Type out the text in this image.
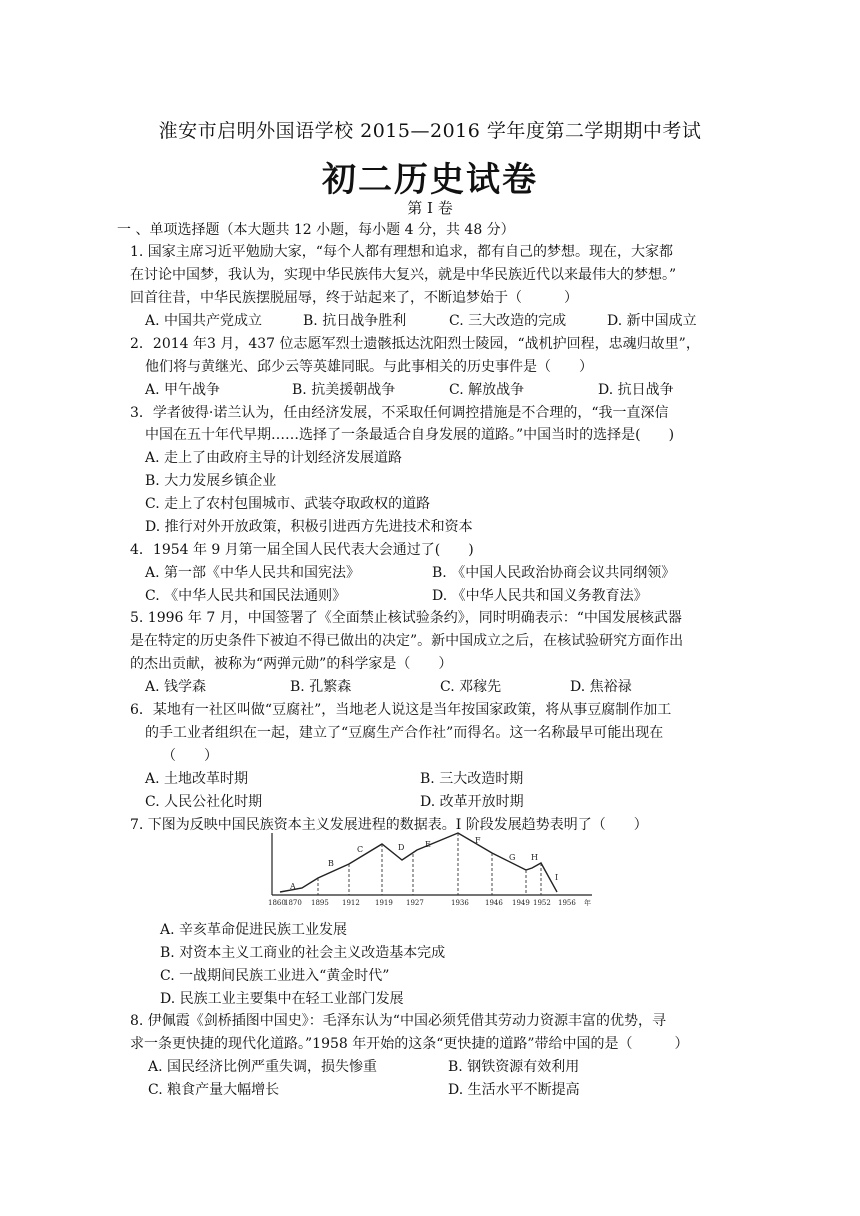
淮安市启明外国语学校 2015—2016 学年度第二学期期中考试
初二历史试卷
第 I 卷
一 、单项选择题（本大题共 12 小题，每小题 4 分，共 48 分）
1. 国家主席习近平勉励大家，“每个人都有理想和追求，都有自己的梦想。现在，大家都
在讨论中国梦，我认为，实现中华民族伟大复兴，就是中华民族近代以来最伟大的梦想。”
回首往昔，中华民族摆脱屈辱，终于站起来了，不断追梦始于（　　　）
A. 中国共产党成立	B. 抗日战争胜利	C. 三大改造的完成	D. 新中国成立
2．2014 年3 月，437 位志愿军烈士遗骸抵达沈阳烈士陵园，“战机护回程，忠魂归故里”，
他们将与黄继光、邱少云等英雄同眠。与此事相关的历史事件是（　　）
A. 甲午战争	B. 抗美援朝战争	C. 解放战争	D. 抗日战争
3．学者彼得·诺兰认为，任由经济发展，不采取任何调控措施是不合理的，“我一直深信
中国在五十年代早期……选择了一条最适合自身发展的道路。”中国当时的选择是(　　)
A. 走上了由政府主导的计划经济发展道路
B. 大力发展乡镇企业
C. 走上了农村包围城市、武装夺取政权的道路
D. 推行对外开放政策，积极引进西方先进技术和资本
4．1954 年 9 月第一届全国人民代表大会通过了(　　)
A. 第一部《中华人民共和国宪法》	B. 《中国人民政治协商会议共同纲领》
C. 《中华人民共和国民法通则》	D. 《中华人民共和国义务教育法》
5. 1996 年 7 月，中国签署了《全面禁止核试验条约》，同时明确表示：“中国发展核武器
是在特定的历史条件下被迫不得已做出的决定”。新中国成立之后，在核试验研究方面作出
的杰出贡献，被称为“两弹元勋”的科学家是（　　）
A. 钱学森	B. 孔繁森	C. 邓稼先	D. 焦裕禄
6．某地有一社区叫做“豆腐社”，当地老人说这是当年按国家政策，将从事豆腐制作加工
的手工业者组织在一起，建立了“豆腐生产合作社”而得名。这一名称最早可能出现在
（　　）
A. 土地改革时期	B. 三大改造时期
C. 人民公社化时期	D. 改革开放时期
7. 下图为反映中国民族资本主义发展进程的数据表。I 阶段发展趋势表明了（　　）
A
B
C	D	E	F
G H
I
1860
1870 1895 1912 1919 1927	1936 1946 1949 1952 1956 年
A. 辛亥革命促进民族工业发展
B. 对资本主义工商业的社会主义改造基本完成
C. 一战期间民族工业进入“黄金时代”
D. 民族工业主要集中在轻工业部门发展
8. 伊佩霞《剑桥插图中国史》：毛泽东认为“中国必须凭借其劳动力资源丰富的优势，寻
求一条更快捷的现代化道路。”1958 年开始的这条“更快捷的道路”带给中国的是（　　　）
A. 国民经济比例严重失调，损失惨重	B. 钢铁资源有效利用
C. 粮食产量大幅增长	D. 生活水平不断提高
